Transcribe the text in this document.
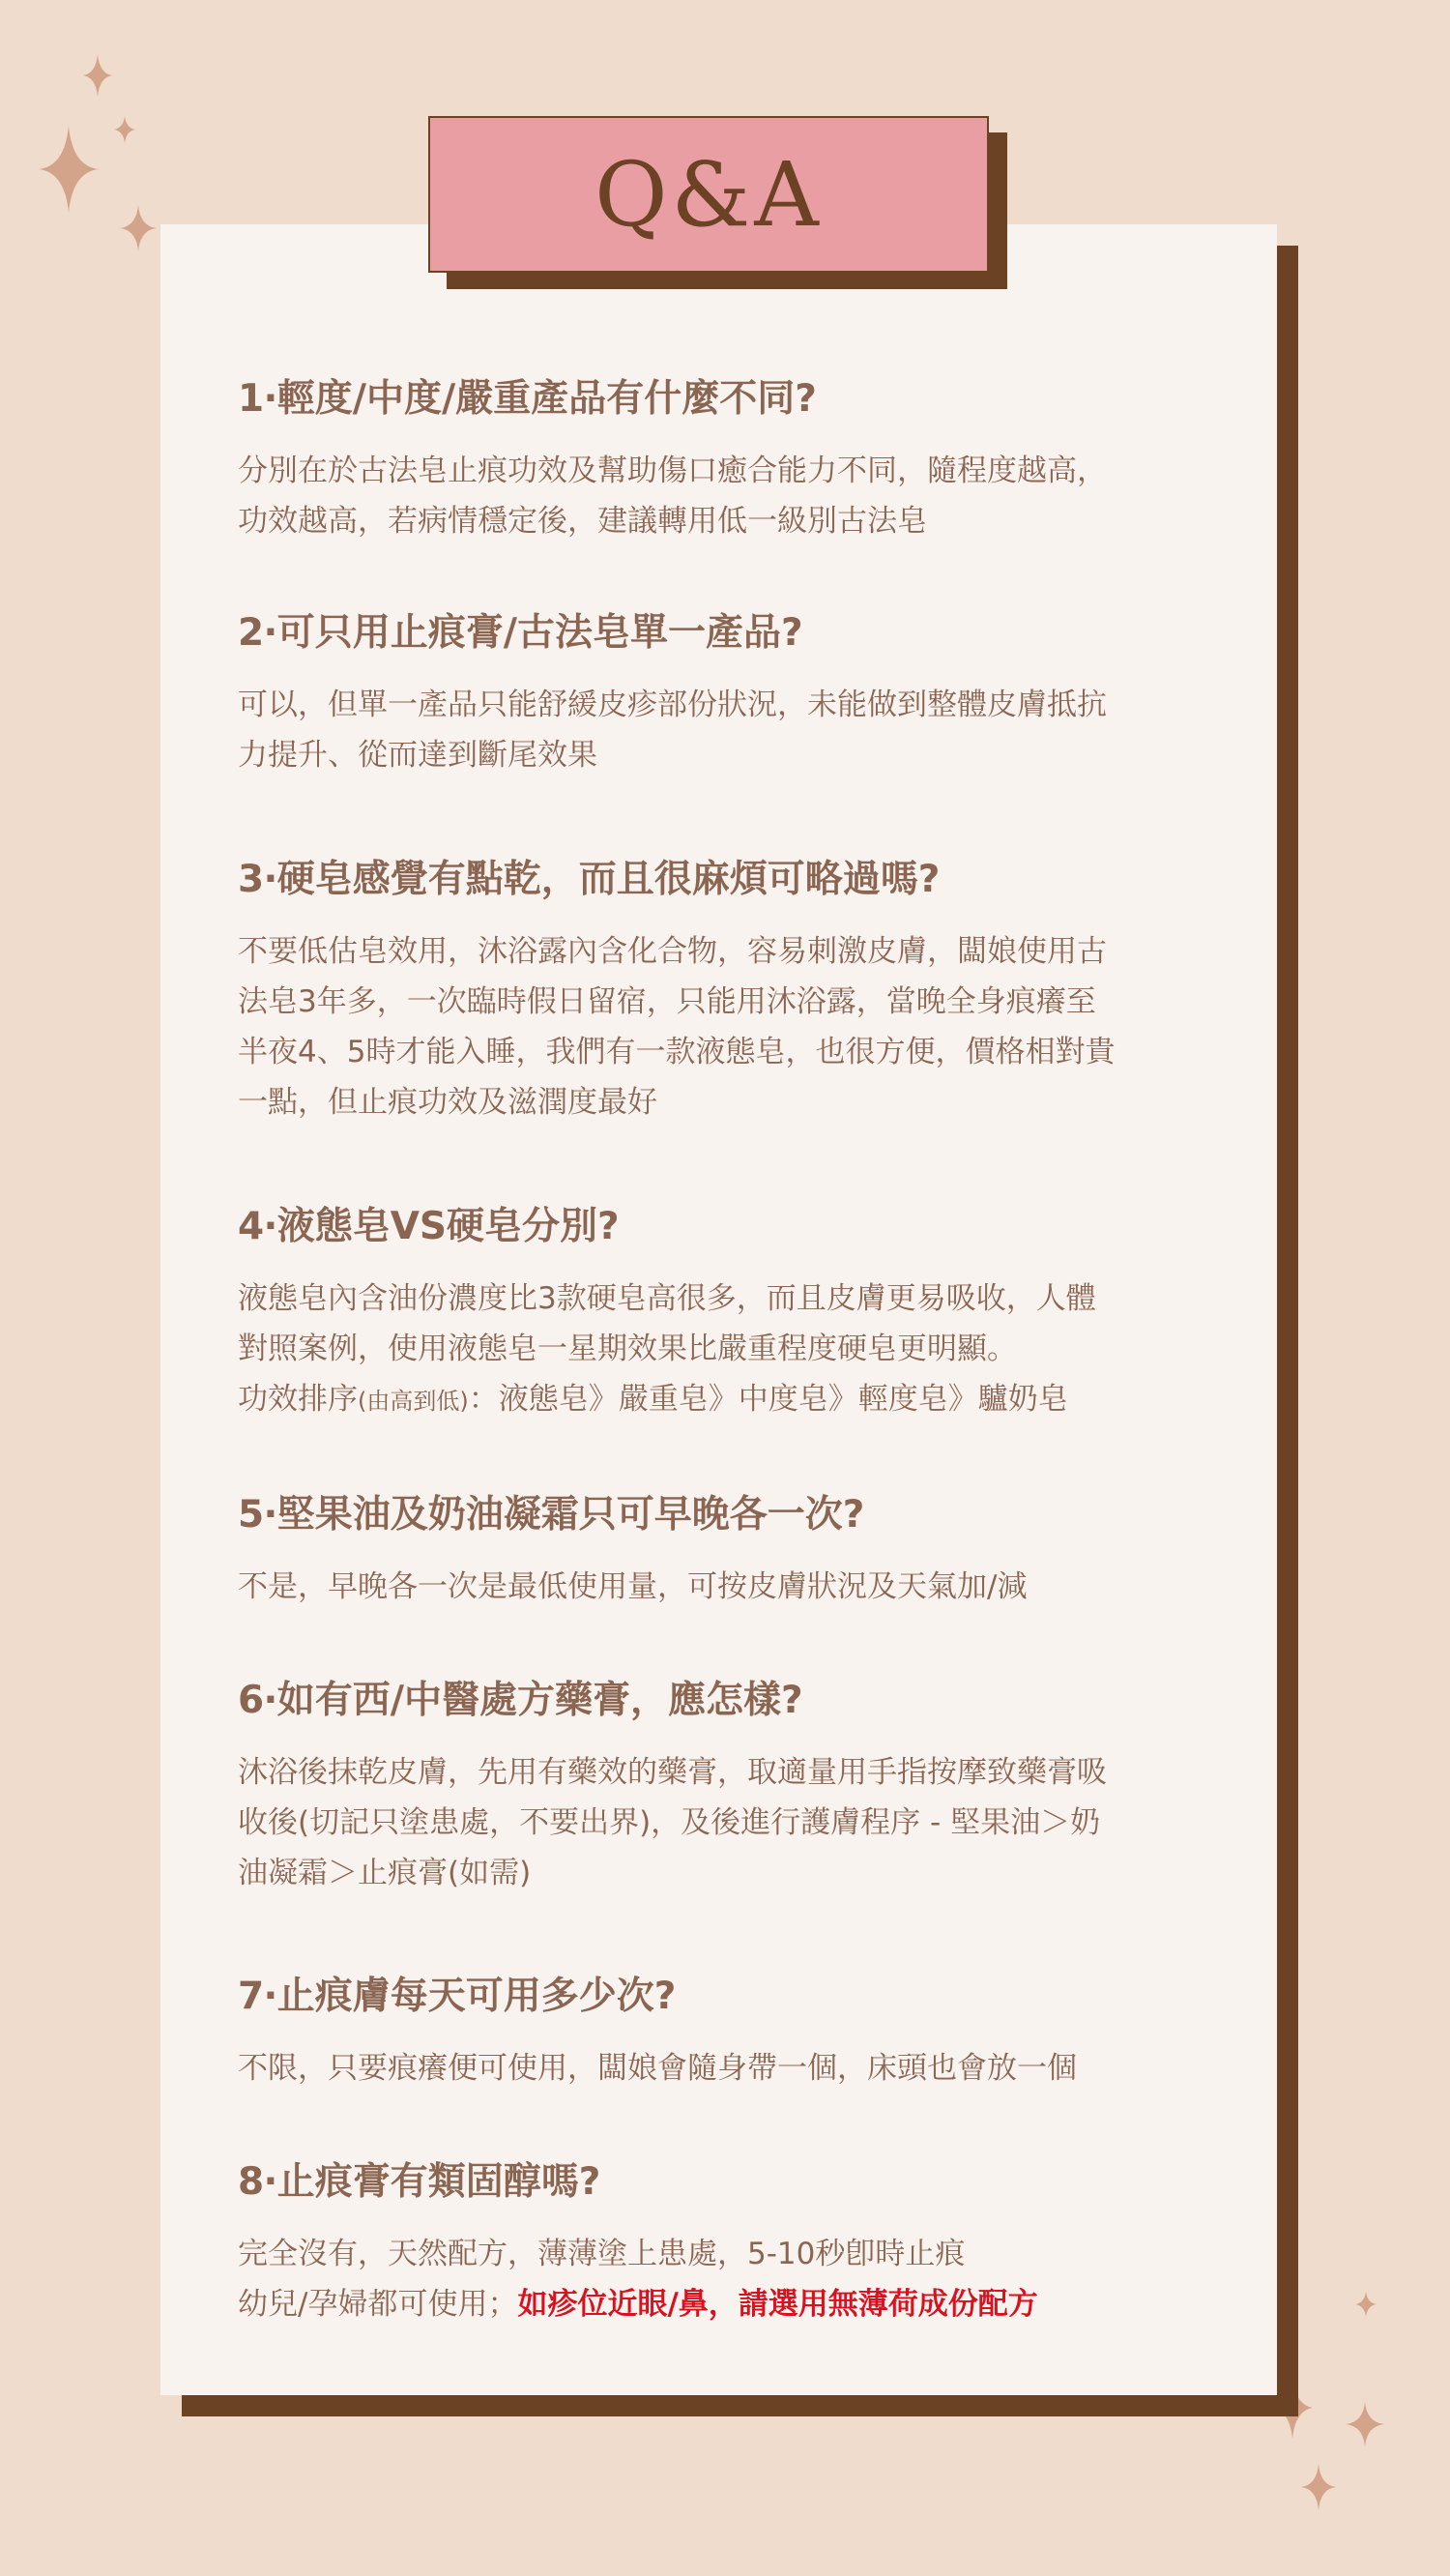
Q&A
1‧輕度/中度/嚴重產品有什麼不同?

分別在於古法皂止痕功效及幫助傷口癒合能力不同，隨程度越高，
功效越高，若病情穩定後，建議轉用低一級別古法皂

2‧可只用止痕膏/古法皂單一產品?

可以，但單一產品只能舒緩皮疹部份狀況，未能做到整體皮膚抵抗
力提升、從而達到斷尾效果

3‧硬皂感覺有點乾，而且很麻煩可略過嗎?

不要低估皂效用，沐浴露內含化合物，容易刺激皮膚，闆娘使用古
法皂3年多，一次臨時假日留宿，只能用沐浴露，當晚全身痕癢至
半夜4、5時才能入睡，我們有一款液態皂，也很方便，價格相對貴
一點，但止痕功效及滋潤度最好

4‧液態皂VS硬皂分別?

液態皂內含油份濃度比3款硬皂高很多，而且皮膚更易吸收，人體
對照案例，使用液態皂一星期效果比嚴重程度硬皂更明顯。
功效排序(由高到低)：液態皂》嚴重皂》中度皂》輕度皂》驢奶皂

5‧堅果油及奶油凝霜只可早晚各一次?

不是，早晚各一次是最低使用量，可按皮膚狀況及天氣加/減

6‧如有西/中醫處方藥膏，應怎樣?

沐浴後抹乾皮膚，先用有藥效的藥膏，取適量用手指按摩致藥膏吸
收後(切記只塗患處，不要出界)，及後進行護膚程序 - 堅果油＞奶
油凝霜＞止痕膏(如需)

7‧止痕膚每天可用多少次?

不限，只要痕癢便可使用，闆娘會隨身帶一個，床頭也會放一個

8‧止痕膏有類固醇嗎?

完全沒有，天然配方，薄薄塗上患處，5-10秒卽時止痕
幼兒/孕婦都可使用；如疹位近眼/鼻，請選用無薄荷成份配方
